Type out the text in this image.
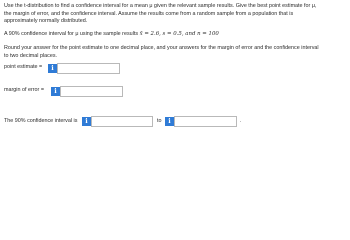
Use the t-distribution to find a confidence interval for a mean μ given the relevant sample results. Give the best point estimate for μ,
the margin of error, and the confidence interval. Assume the results come from a random sample from a population that is
approximately normally distributed.
A 90% confidence interval for μ using the sample results x̄ = 2.6, s = 0.5, and n = 100
Round your answer for the point estimate to one decimal place, and your answers for the margin of error and the confidence interval
to two decimal places.
point estimate =	i
margin of error =	i
The 90% confidence interval is	i	to	i	.
